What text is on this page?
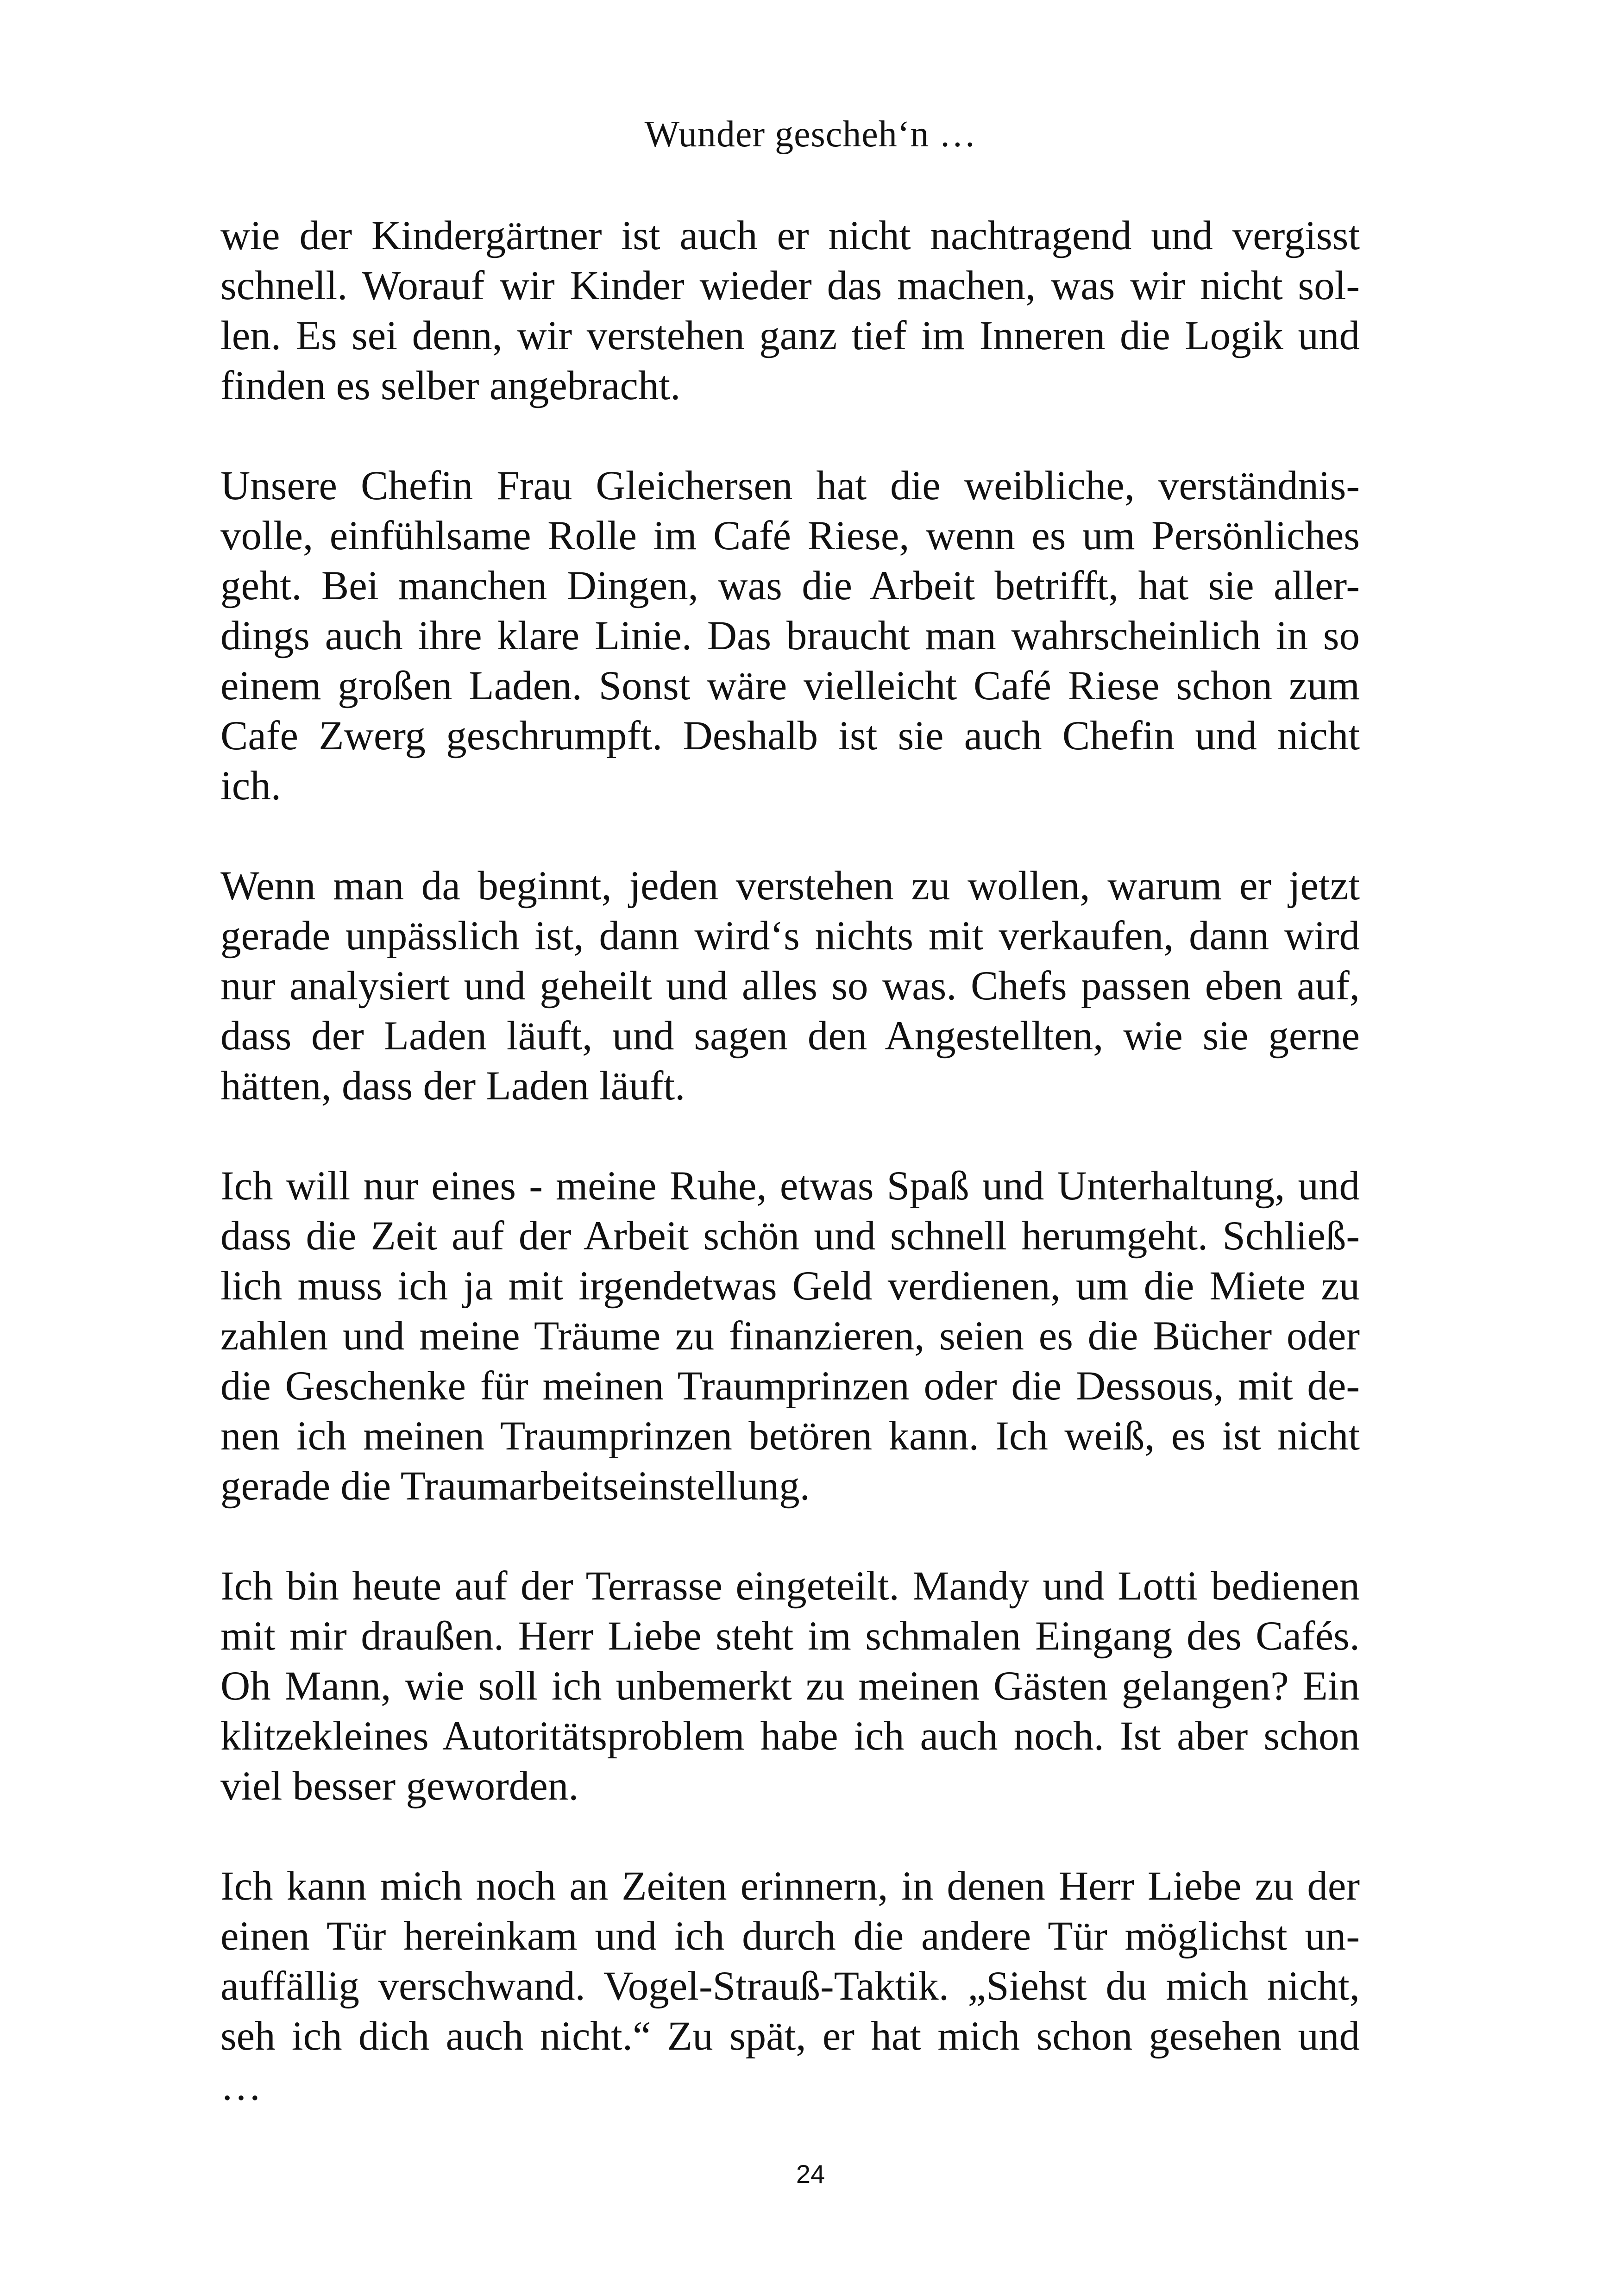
Wunder gescheh‘n …
wie der Kindergärtner ist auch er nicht nachtragend und vergisst
schnell. Worauf wir Kinder wieder das machen, was wir nicht sol-
len. Es sei denn, wir verstehen ganz tief im Inneren die Logik und
finden es selber angebracht.
Unsere Chefin Frau Gleichersen hat die weibliche, verständnis-
volle, einfühlsame Rolle im Café Riese, wenn es um Persönliches
geht. Bei manchen Dingen, was die Arbeit betrifft, hat sie aller-
dings auch ihre klare Linie. Das braucht man wahrscheinlich in so
einem großen Laden. Sonst wäre vielleicht Café Riese schon zum
Cafe Zwerg geschrumpft. Deshalb ist sie auch Chefin und nicht
ich.
Wenn man da beginnt, jeden verstehen zu wollen, warum er jetzt
gerade unpässlich ist, dann wird‘s nichts mit verkaufen, dann wird
nur analysiert und geheilt und alles so was. Chefs passen eben auf,
dass der Laden läuft, und sagen den Angestellten, wie sie gerne
hätten, dass der Laden läuft.
Ich will nur eines - meine Ruhe, etwas Spaß und Unterhaltung, und
dass die Zeit auf der Arbeit schön und schnell herumgeht. Schließ-
lich muss ich ja mit irgendetwas Geld verdienen, um die Miete zu
zahlen und meine Träume zu finanzieren, seien es die Bücher oder
die Geschenke für meinen Traumprinzen oder die Dessous, mit de-
nen ich meinen Traumprinzen betören kann. Ich weiß, es ist nicht
gerade die Traumarbeitseinstellung.
Ich bin heute auf der Terrasse eingeteilt. Mandy und Lotti bedienen
mit mir draußen. Herr Liebe steht im schmalen Eingang des Cafés.
Oh Mann, wie soll ich unbemerkt zu meinen Gästen gelangen? Ein
klitzekleines Autoritätsproblem habe ich auch noch. Ist aber schon
viel besser geworden.
Ich kann mich noch an Zeiten erinnern, in denen Herr Liebe zu der
einen Tür hereinkam und ich durch die andere Tür möglichst un-
auffällig verschwand. Vogel-Strauß-Taktik. „Siehst du mich nicht,
seh ich dich auch nicht.“ Zu spät, er hat mich schon gesehen und
…
24
